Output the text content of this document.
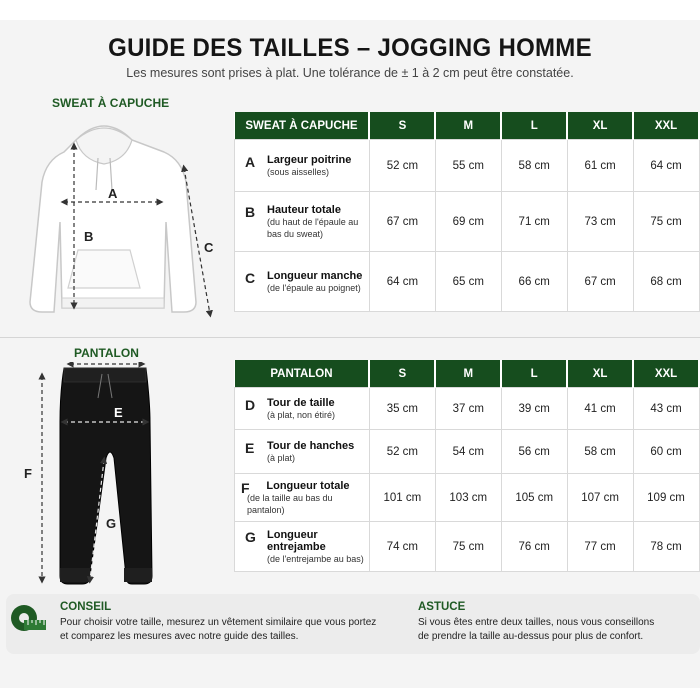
GUIDE DES TAILLES – JOGGING HOMME
Les mesures sont prises à plat. Une tolérance de ± 1 à 2 cm peut être constatée.
SWEAT À CAPUCHE
A
B
C
SWEAT À CAPUCHE	S	M	L	XL	XXL

A Largeur poitrine
(sous aisselles)	52 cm	55 cm	58 cm	61 cm	64 cm

B Hauteur totale
(du haut de l'épaule au bas du sweat)	67 cm	69 cm	71 cm	73 cm	75 cm

C Longueur manche
(de l'épaule au poignet)	64 cm	65 cm	66 cm	67 cm	68 cm
PANTALON
E
F
G
PANTALON	S	M	L	XL	XXL

D Tour de taille
(à plat, non étiré)	35 cm	37 cm	39 cm	41 cm	43 cm

E Tour de hanches
(à plat)	52 cm	54 cm	56 cm	58 cm	60 cm

F Longueur totale
(de la taille au bas du pantalon)	101 cm	103 cm	105 cm	107 cm	109 cm

G Longueur entrejambe
(de l'entrejambe au bas)	74 cm	75 cm	76 cm	77 cm	78 cm
CONSEIL
Pour choisir votre taille, mesurez un vêtement similaire que vous portez
et comparez les mesures avec notre guide des tailles.
ASTUCE
Si vous êtes entre deux tailles, nous vous conseillons
de prendre la taille au-dessus pour plus de confort.
